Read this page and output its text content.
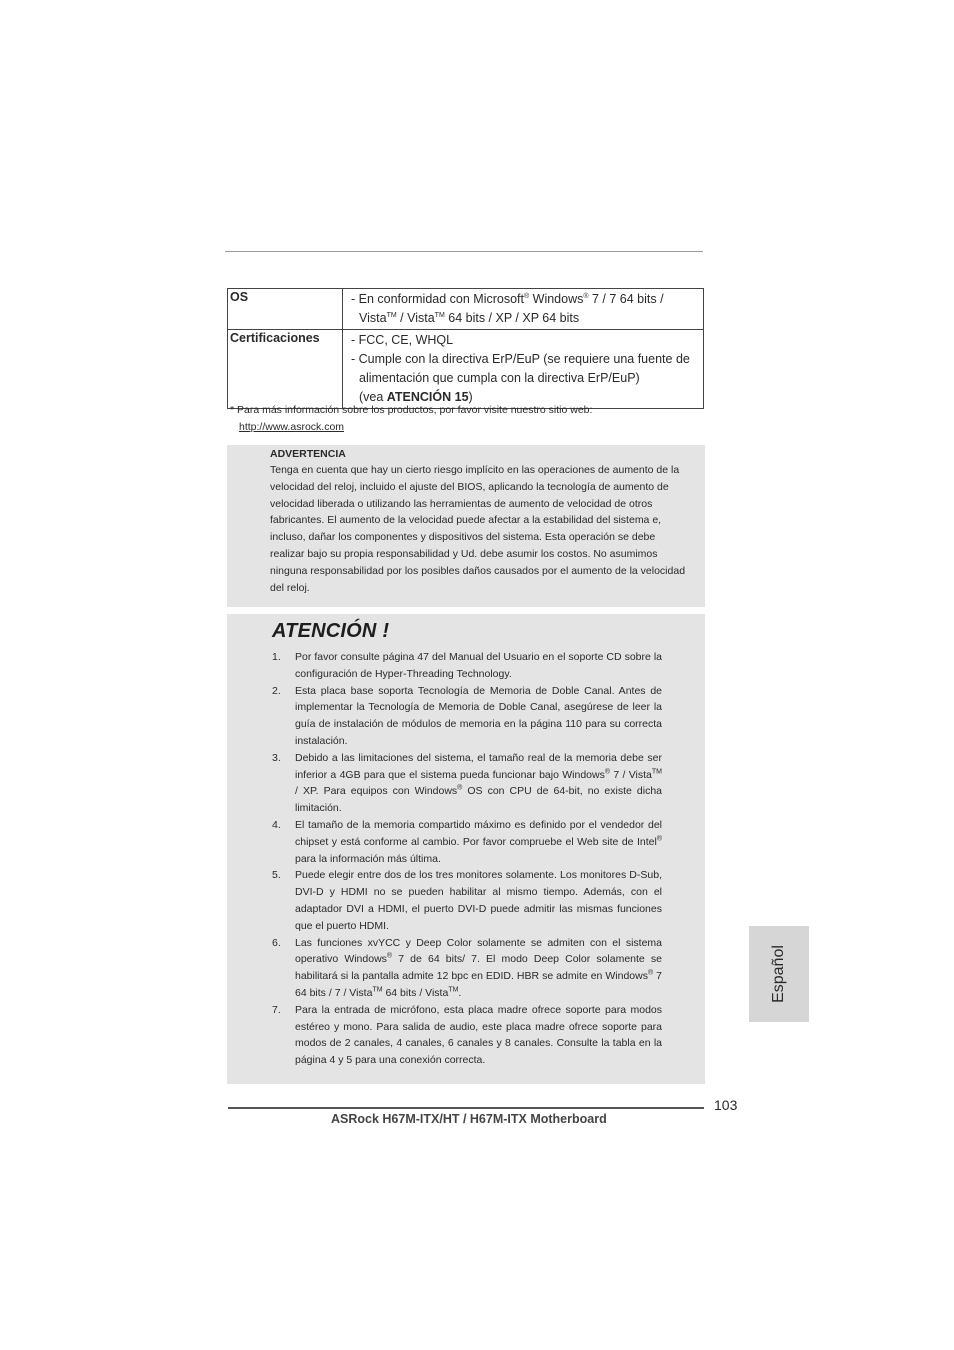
OS	- En conformidad con Microsoft® Windows® 7 / 7 64 bits /
Vista™ / Vista™ 64 bits / XP / XP 64 bits

Certificaciones	- FCC, CE, WHQL
- Cumple con la directiva ErP/EuP (se requiere una fuente de
alimentación que cumpla con la directiva ErP/EuP)
(vea ATENCIÓN 15)
* Para más información sobre los productos, por favor visite nuestro sitio web:
http://www.asrock.com
ADVERTENCIA
Tenga en cuenta que hay un cierto riesgo implícito en las operaciones de aumento de la velocidad del reloj, incluido el ajuste del BIOS, aplicando la tecnología de aumento de velocidad liberada o utilizando las herramientas de aumento de velocidad de otros fabricantes. El aumento de la velocidad puede afectar a la estabilidad del sistema e, incluso, dañar los componentes y dispositivos del sistema. Esta operación se debe realizar bajo su propia responsabilidad y Ud. debe asumir los costos. No asumimos ninguna responsabilidad por los posibles daños causados por el aumento de la velocidad del reloj.
ATENCIÓN !
1.	Por favor consulte página 47 del Manual del Usuario en el soporte CD sobre la configuración de Hyper-Threading Technology.
2.	Esta placa base soporta Tecnología de Memoria de Doble Canal. Antes de implementar la Tecnología de Memoria de Doble Canal, asegúrese de leer la guía de instalación de módulos de memoria en la página 110 para su correcta instalación.
3.	Debido a las limitaciones del sistema, el tamaño real de la memoria debe ser inferior a 4GB para que el sistema pueda funcionar bajo Windows® 7 / Vista™ / XP. Para equipos con Windows® OS con CPU de 64-bit, no existe dicha limitación.
4.	El tamaño de la memoria compartido máximo es definido por el vendedor del chipset y está conforme al cambio. Por favor compruebe el Web site de Intel® para la información más última.
5.	Puede elegir entre dos de los tres monitores solamente. Los monitores D-Sub, DVI-D y HDMI no se pueden habilitar al mismo tiempo. Además, con el adaptador DVI a HDMI, el puerto DVI-D puede admitir las mismas funciones que el puerto HDMI.
6.	Las funciones xvYCC y Deep Color solamente se admiten con el sistema operativo Windows® 7 de 64 bits/ 7. El modo Deep Color solamente se habilitará si la pantalla admite 12 bpc en EDID. HBR se admite en Windows® 7 64 bits / 7 / Vista™ 64 bits / Vista™.
7.	Para la entrada de micrófono, esta placa madre ofrece soporte para modos estéreo y mono. Para salida de audio, este placa madre ofrece soporte para modos de 2 canales, 4 canales, 6 canales y 8 canales. Consulte la tabla en la página 4 y 5 para una conexión correcta.
Español
103
ASRock H67M-ITX/HT / H67M-ITX Motherboard
